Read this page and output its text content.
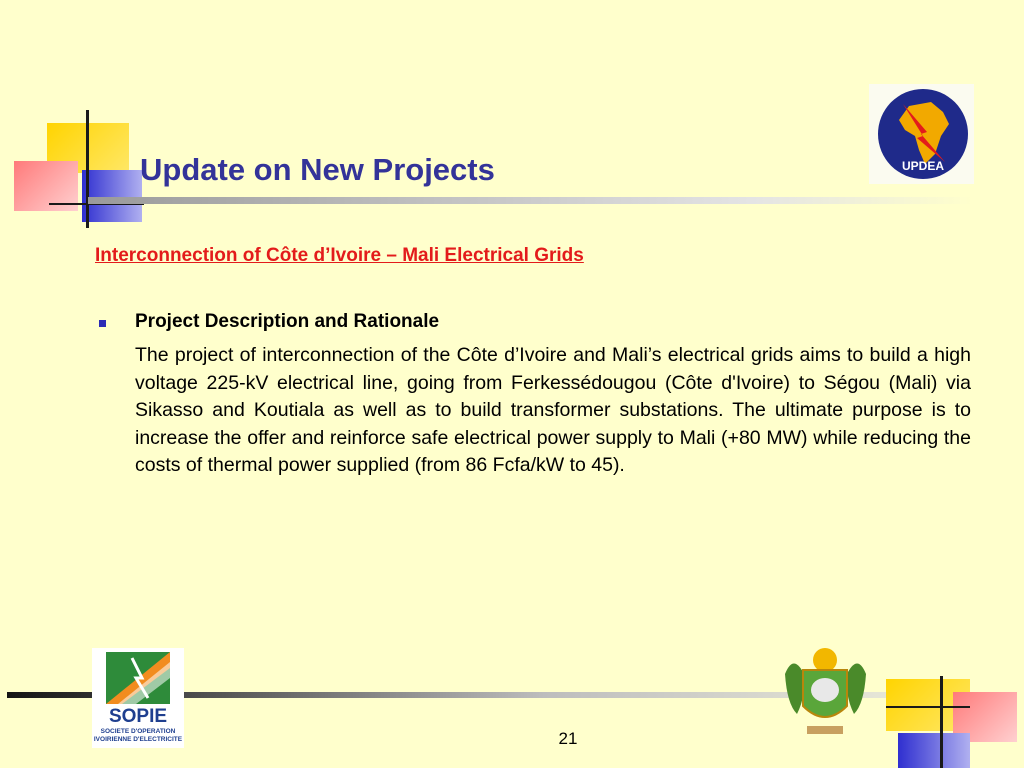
Update on New Projects	UPDEA
Interconnection of Côte d’Ivoire – Mali Electrical Grids
Project Description and Rationale

The project of interconnection of the Côte d’Ivoire and Mali’s electrical grids aims to build a high voltage 225-kV electrical line, going from Ferkessédougou (Côte d'Ivoire) to Ségou (Mali) via Sikasso and Koutiala as well as to build transformer substations. The ultimate purpose is to increase the offer and reinforce safe electrical power supply to Mali (+80 MW) while reducing the costs of thermal power supplied (from 86 Fcfa/kW to 45).

SOPIE
SOCIETE D'OPERATION
IVOIRIENNE D'ELECTRICITE	21
